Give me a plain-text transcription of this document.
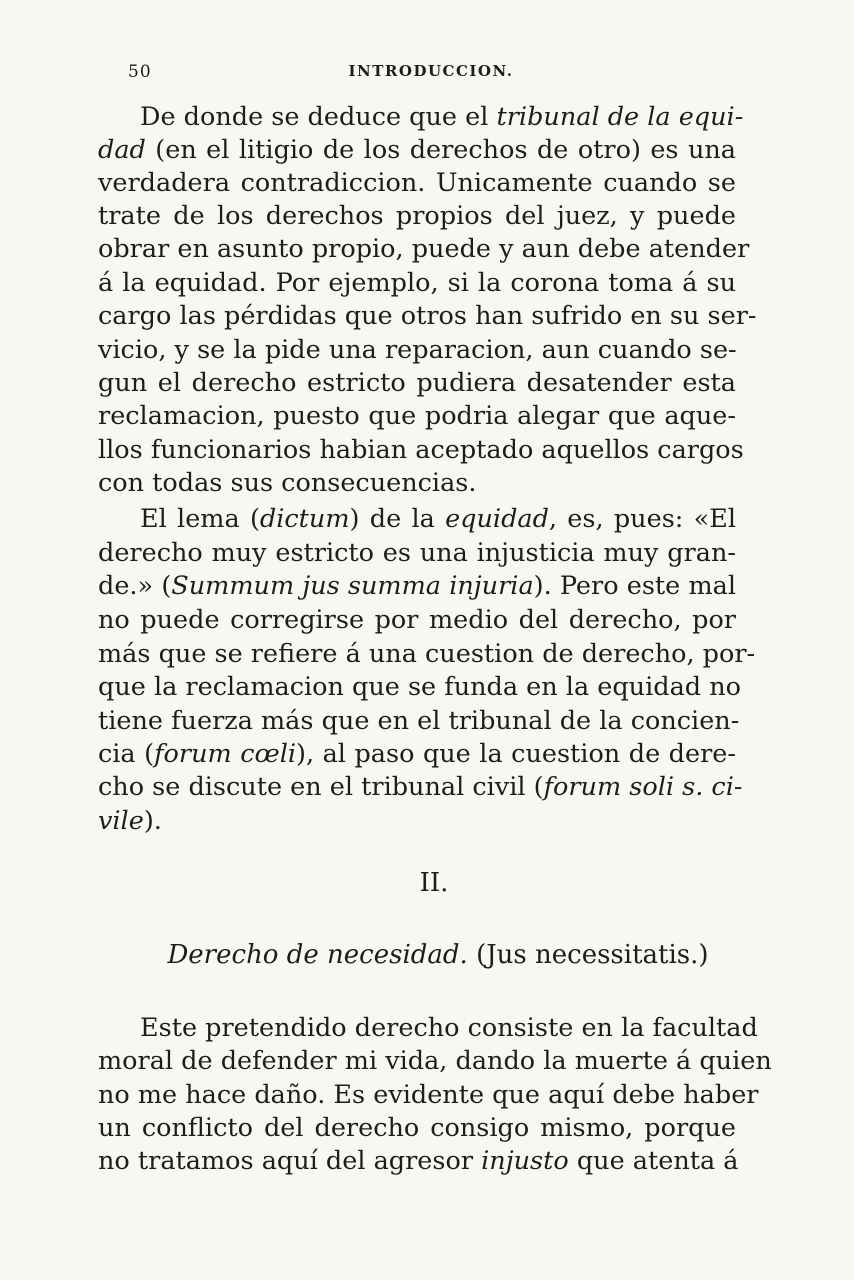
50	INTRODUCCION.
De donde se deduce que el tribunal de la equi-
dad (en el litigio de los derechos de otro) es una
verdadera contradiccion. Unicamente cuando se
trate de los derechos propios del juez, y puede
obrar en asunto propio, puede y aun debe atender
á la equidad. Por ejemplo, si la corona toma á su
cargo las pérdidas que otros han sufrido en su ser-
vicio, y se la pide una reparacion, aun cuando se-
gun el derecho estricto pudiera desatender esta
reclamacion, puesto que podria alegar que aque-
llos funcionarios habian aceptado aquellos cargos
con todas sus consecuencias.
El lema (dictum) de la equidad, es, pues: «El
derecho muy estricto es una injusticia muy gran-
de.» (Summum jus summa injuria). Pero este mal
no puede corregirse por medio del derecho, por
más que se refiere á una cuestion de derecho, por-
que la reclamacion que se funda en la equidad no
tiene fuerza más que en el tribunal de la concien-
cia (forum cœli), al paso que la cuestion de dere-
cho se discute en el tribunal civil (forum soli s. ci-
vile).
II.
Derecho de necesidad. (Jus necessitatis.)
Este pretendido derecho consiste en la facultad
moral de defender mi vida, dando la muerte á quien
no me hace daño. Es evidente que aquí debe haber
un conflicto del derecho consigo mismo, porque
no tratamos aquí del agresor injusto que atenta á
